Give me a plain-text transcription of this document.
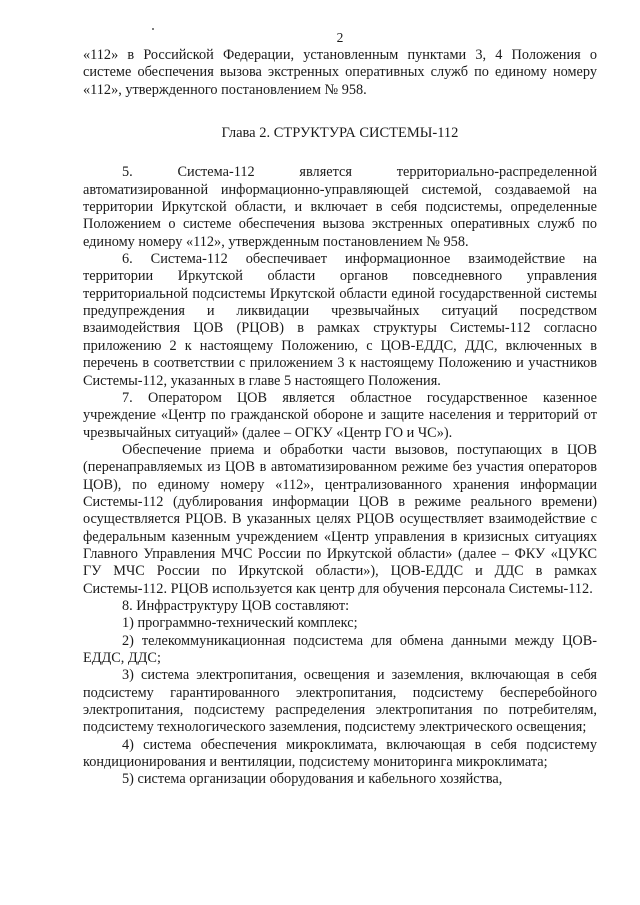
2

«112» в Российской Федерации, установленным пунктами 3, 4 Положения о системе обеспечения вызова экстренных оперативных служб по единому номеру «112», утвержденного постановлением № 958.

Глава 2. СТРУКТУРА СИСТЕМЫ-112

5. Система-112 является территориально-распределенной автоматизированной информационно-управляющей системой, создаваемой на территории Иркутской области, и включает в себя подсистемы, определенные Положением о системе обеспечения вызова экстренных оперативных служб по единому номеру «112», утвержденным постановлением № 958.

6. Система-112 обеспечивает информационное взаимодействие на территории Иркутской области органов повседневного управления территориальной подсистемы Иркутской области единой государственной системы предупреждения и ликвидации чрезвычайных ситуаций посредством взаимодействия ЦОВ (РЦОВ) в рамках структуры Системы-112 согласно приложению 2 к настоящему Положению, с ЦОВ-ЕДДС, ДДС, включенных в перечень в соответствии с приложением 3 к настоящему Положению и участников Системы-112, указанных в главе 5 настоящего Положения.

7. Оператором ЦОВ является областное государственное казенное учреждение «Центр по гражданской обороне и защите населения и территорий от чрезвычайных ситуаций» (далее – ОГКУ «Центр ГО и ЧС»).

Обеспечение приема и обработки части вызовов, поступающих в ЦОВ (перенаправляемых из ЦОВ в автоматизированном режиме без участия операторов ЦОВ), по единому номеру «112», централизованного хранения информации Системы-112 (дублирования информации ЦОВ в режиме реального времени) осуществляется РЦОВ. В указанных целях РЦОВ осуществляет взаимодействие с федеральным казенным учреждением «Центр управления в кризисных ситуациях Главного Управления МЧС России по Иркутской области» (далее – ФКУ «ЦУКС ГУ МЧС России по Иркутской области»), ЦОВ-ЕДДС и ДДС в рамках Системы-112. РЦОВ используется как центр для обучения персонала Системы-112.

8. Инфраструктуру ЦОВ составляют:

1) программно-технический комплекс;

2) телекоммуникационная подсистема для обмена данными между ЦОВ-ЕДДС, ДДС;

3) система электропитания, освещения и заземления, включающая в себя подсистему гарантированного электропитания, подсистему бесперебойного электропитания, подсистему распределения электропитания по потребителям, подсистему технологического заземления, подсистему электрического освещения;

4) система обеспечения микроклимата, включающая в себя подсистему кондиционирования и вентиляции, подсистему мониторинга микроклимата;

5) система организации оборудования и кабельного хозяйства,
